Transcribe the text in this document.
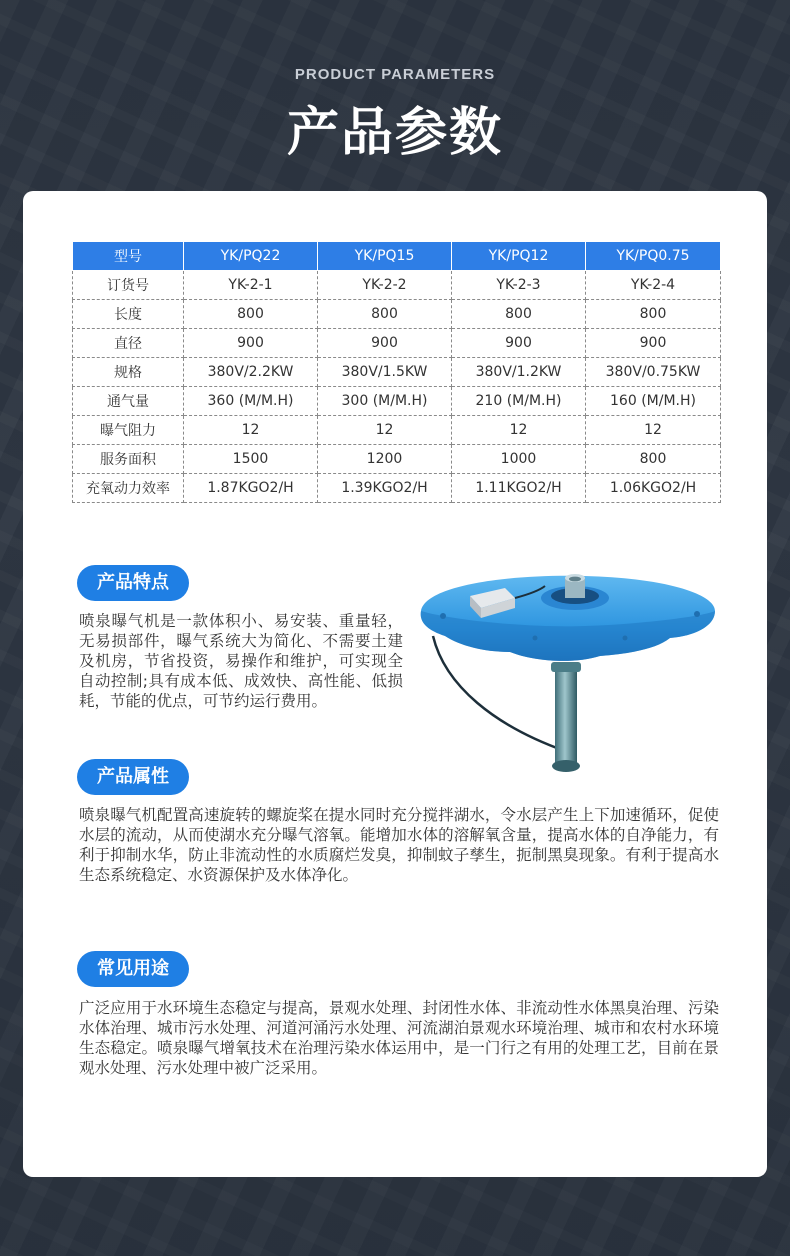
PRODUCT PARAMETERS
产品参数
型号	YK/PQ22	YK/PQ15	YK/PQ12	YK/PQ0.75
订货号	YK-2-1	YK-2-2	YK-2-3	YK-2-4
长度	800	800	800	800
直径	900	900	900	900
规格	380V/2.2KW	380V/1.5KW	380V/1.2KW	380V/0.75KW
通气量	360 (M/M.H)	300 (M/M.H)	210 (M/M.H)	160 (M/M.H)
曝气阻力	12	12	12	12
服务面积	1500	1200	1000	800
充氧动力效率	1.87KGO2/H	1.39KGO2/H	1.11KGO2/H	1.06KGO2/H
产品特点
喷泉曝气机是一款体积小、易安装、重量轻，无易损部件，曝气系统大为简化、不需要土建及机房，节省投资，易操作和维护，可实现全自动控制;具有成本低、成效快、高性能、低损耗，节能的优点，可节约运行费用。
产品属性
喷泉曝气机配置高速旋转的螺旋桨在提水同时充分搅拌湖水，令水层产生上下加速循环，促使水层的流动，从而使湖水充分曝气溶氧。能增加水体的溶解氧含量，提高水体的自净能力，有利于抑制水华，防止非流动性的水质腐烂发臭，抑制蚊子孳生，扼制黑臭现象。有利于提高水生态系统稳定、水资源保护及水体净化。
常见用途
广泛应用于水环境生态稳定与提高，景观水处理、封闭性水体、非流动性水体黑臭治理、污染水体治理、城市污水处理、河道河涌污水处理、河流湖泊景观水环境治理、城市和农村水环境生态稳定。喷泉曝气增氧技术在治理污染水体运用中，是一门行之有用的处理工艺，目前在景观水处理、污水处理中被广泛采用。
